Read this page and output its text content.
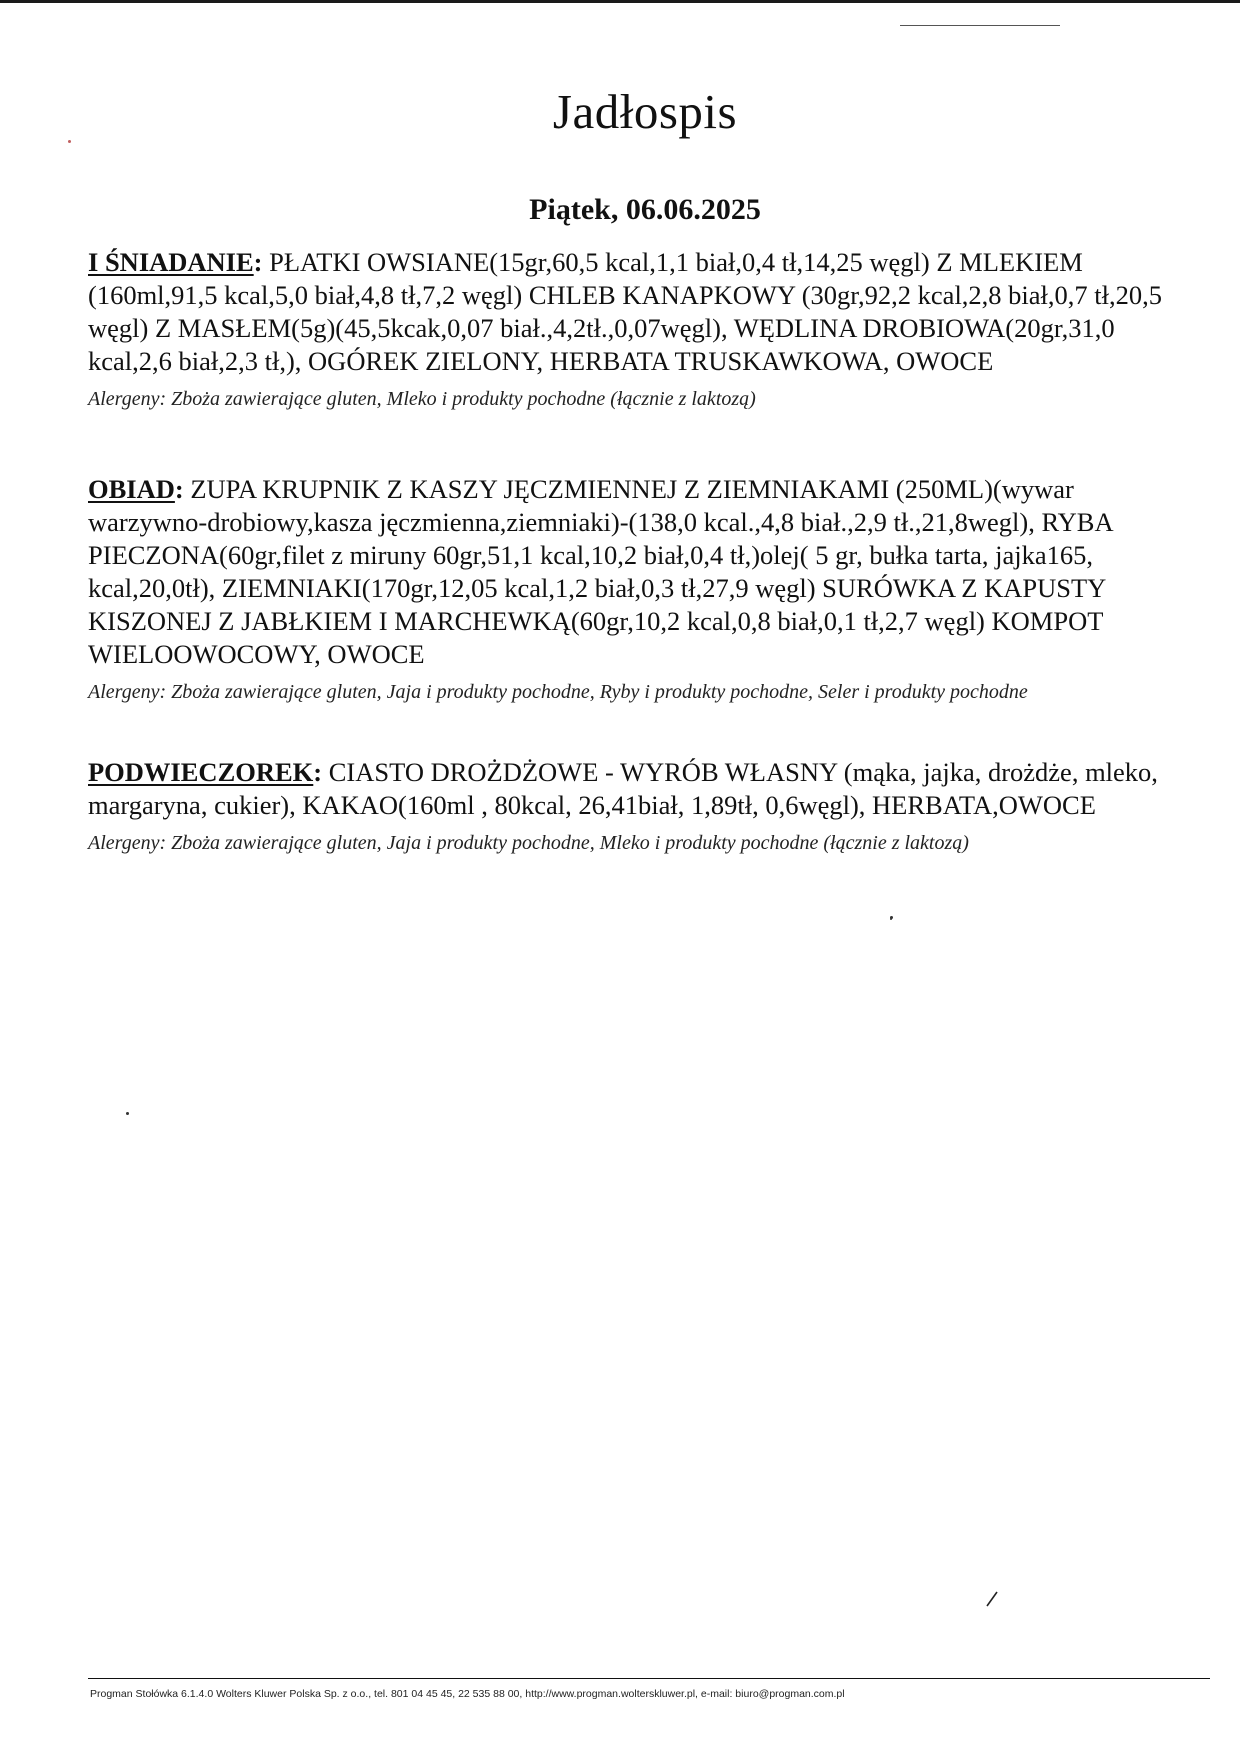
Jadłospis
Piątek, 06.06.2025

I ŚNIADANIE: PŁATKI OWSIANE(15gr,60,5 kcal,1,1 biał,0,4 tł,14,25 węgl) Z MLEKIEM (160ml,91,5 kcal,5,0 biał,4,8 tł,7,2 węgl) CHLEB KANAPKOWY (30gr,92,2 kcal,2,8 biał,0,7 tł,20,5 węgl) Z MASŁEM(5g)(45,5kcak,0,07 biał.,4,2tł.,0,07węgl), WĘDLINA DROBIOWA(20gr,31,0 kcal,2,6 biał,2,3 tł,), OGÓREK ZIELONY, HERBATA TRUSKAWKOWA, OWOCE

Alergeny: Zboża zawierające gluten, Mleko i produkty pochodne (łącznie z laktozą)

OBIAD: ZUPA KRUPNIK Z KASZY JĘCZMIENNEJ Z ZIEMNIAKAMI (250ML)(wywar warzywno-drobiowy,kasza jęczmienna,ziemniaki)-(138,0 kcal.,4,8 biał.,2,9 tł.,21,8wegl), RYBA PIECZONA(60gr,filet z miruny 60gr,51,1 kcal,10,2 biał,0,4 tł,)olej( 5 gr, bułka tarta, jajka165, kcal,20,0tł), ZIEMNIAKI(170gr,12,05 kcal,1,2 biał,0,3 tł,27,9 węgl) SURÓWKA Z KAPUSTY KISZONEJ Z JABŁKIEM I MARCHEWKĄ(60gr,10,2 kcal,0,8 biał,0,1 tł,2,7 węgl) KOMPOT WIELOOWOCOWY, OWOCE

Alergeny: Zboża zawierające gluten, Jaja i produkty pochodne, Ryby i produkty pochodne, Seler i produkty pochodne

PODWIECZOREK: CIASTO DROŻDŻOWE - WYRÓB WŁASNY (mąka, jajka, drożdże, mleko, margaryna, cukier), KAKAO(160ml , 80kcal, 26,41biał, 1,89tł, 0,6węgl), HERBATA,OWOCE

Alergeny: Zboża zawierające gluten, Jaja i produkty pochodne, Mleko i produkty pochodne (łącznie z laktozą)

Progman Stołówka 6.1.4.0 Wolters Kluwer Polska Sp. z o.o., tel. 801 04 45 45, 22 535 88 00, http://www.progman.wolterskluwer.pl, e-mail: biuro@progman.com.pl
